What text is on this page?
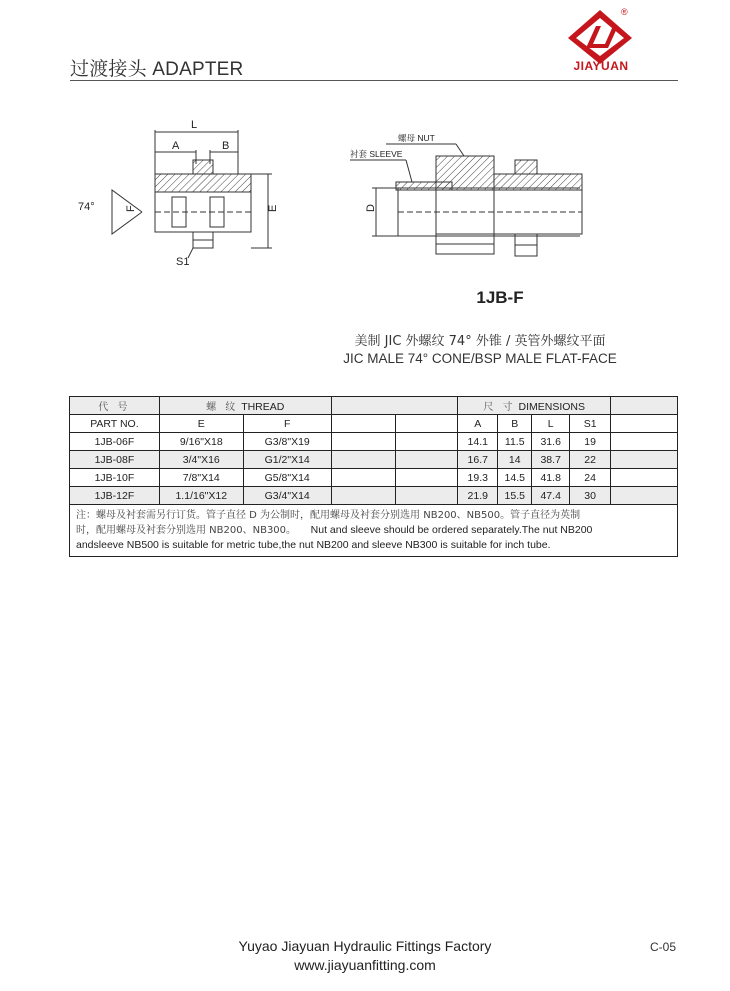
过渡接头 ADAPTER
®
JIAYUAN
L
A	B
F	E
74°
S1
螺母 NUT
衬套 SLEEVE
D
1JB-F
美制 JIC 外螺纹 74° 外锥 / 英管外螺纹平面
JIC MALE 74° CONE/BSP MALE FLAT-FACE
代 号	螺 纹 THREAD				尺 寸 DIMENSIONS				
PART NO.	E	F			A	B	L	S1	
1JB-06F	9/16"X18	G3/8"X19			14.1	11.5	31.6	19	
1JB-08F	3/4"X16	G1/2"X14			16.7	14	38.7	22	
1JB-10F	7/8"X14	G5/8"X14			19.3	14.5	41.8	24	
1JB-12F	1.1/16"X12	G3/4"X14			21.9	15.5	47.4	30	
注：螺母及衬套需另行订货。管子直径 D 为公制时，配用螺母及衬套分别选用 NB200、NB500。管子直径为英制
时，配用螺母及衬套分别选用 NB200、NB300。 Nut and sleeve should be ordered separately.The nut NB200
andsleeve NB500 is suitable for metric tube,the nut NB200 and sleeve NB300 is suitable for inch tube.									
Yuyao Jiayuan Hydraulic Fittings Factory
www.jiayuanfitting.com
C-05
